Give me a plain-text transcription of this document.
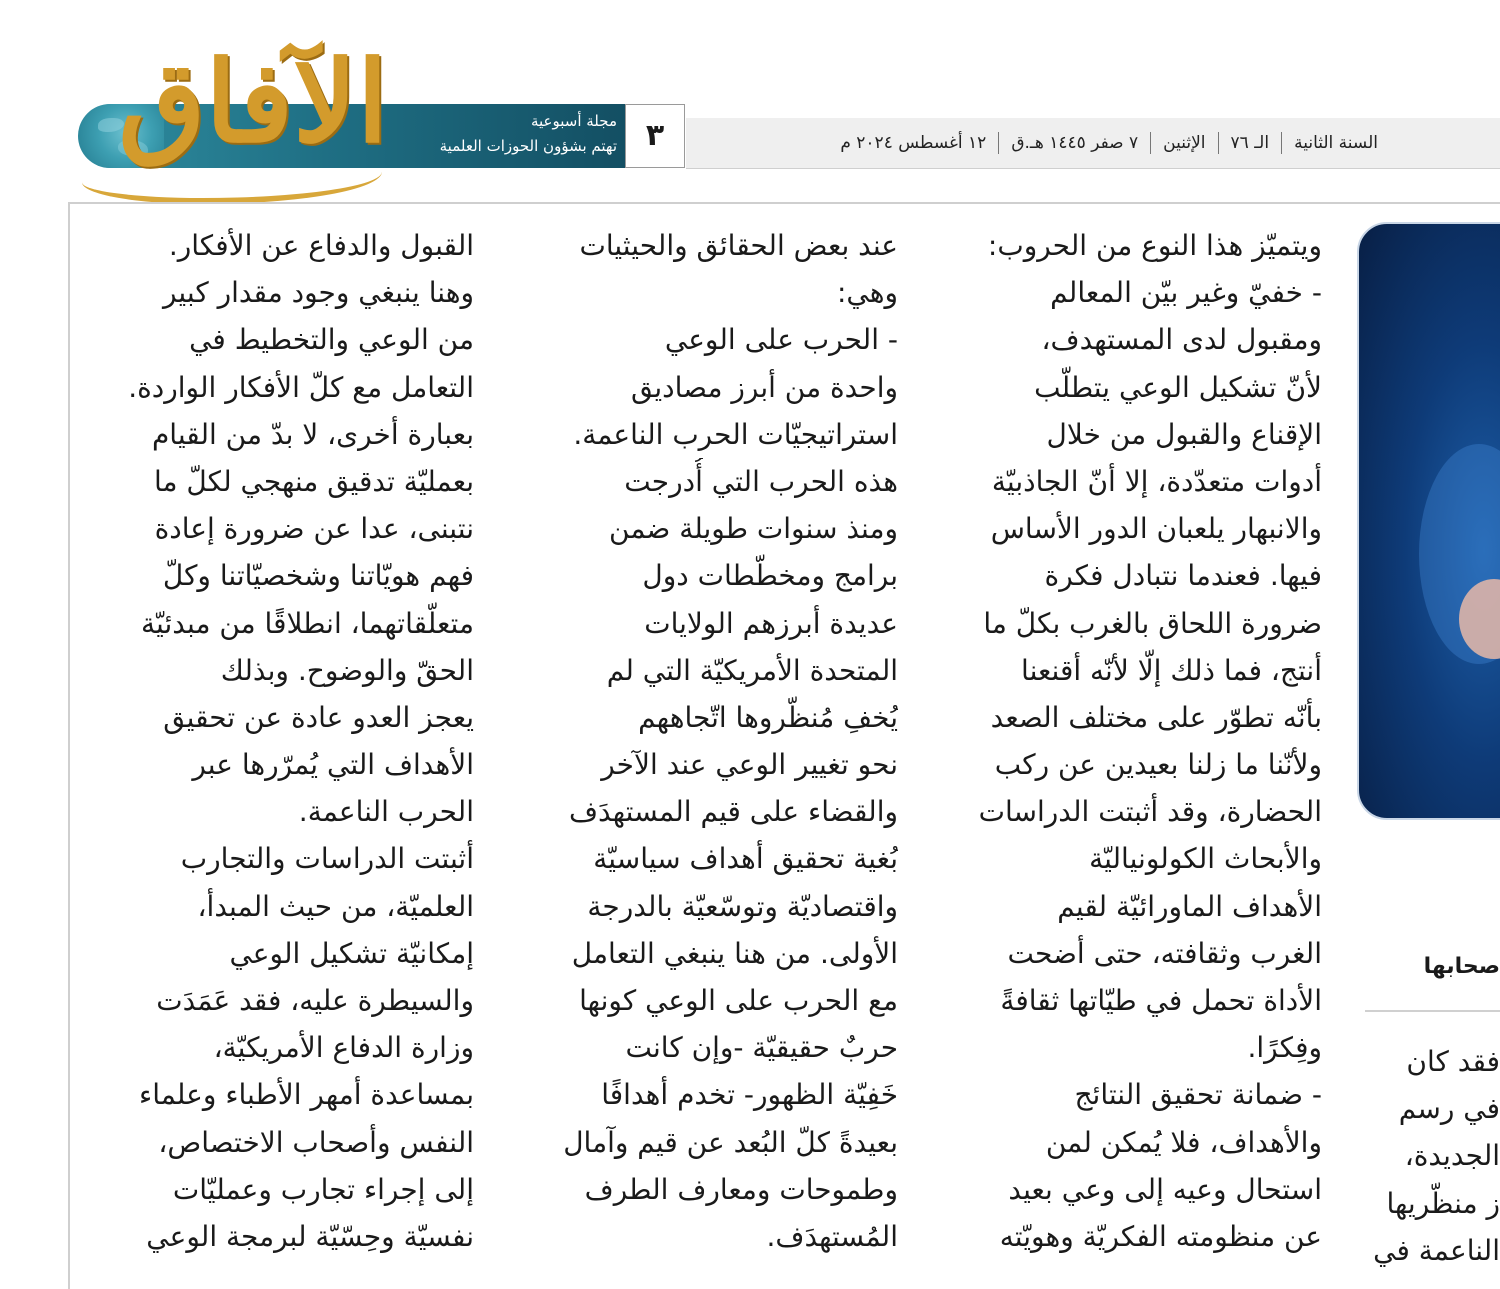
الآفاق	مجلة أسبوعية
تهتم بشؤون الحوزات العلمية ٣	السنة الثانية
الـ ٧٦
الإثنين
٧ صفر ١٤٤٥ هـ.ق
١٢ أغسطس ٢٠٢٤ م
ويتميّز هذا النوع من الحروب:
- خفيّ وغير بيّن المعالم
ومقبول لدى المستهدف،
لأنّ تشكيل الوعي يتطلّب
الإقناع والقبول من خلال
أدوات متعدّدة، إلا أنّ الجاذبيّة
والانبهار يلعبان الدور الأساس
فيها. فعندما نتبادل فكرة
ضرورة اللحاق بالغرب بكلّ ما
أنتج، فما ذلك إلّا لأنّه أقنعنا
بأنّه تطوّر على مختلف الصعد
ولأنّنا ما زلنا بعيدين عن ركب
الحضارة، وقد أثبتت الدراسات
والأبحاث الكولونياليّة
الأهداف الماورائيّة لقيم
الغرب وثقافته، حتى أضحت
الأداة تحمل في طيّاتها ثقافةً
وفِكرًا.
- ضمانة تحقيق النتائج
والأهداف، فلا يُمكن لمن
استحال وعيه إلى وعي بعيد
عن منظومته الفكريّة وهويّته
عند بعض الحقائق والحيثيات
وهي:
- الحرب على الوعي
واحدة من أبرز مصاديق
استراتيجيّات الحرب الناعمة.
هذه الحرب التي أُدرجت
ومنذ سنوات طويلة ضمن
برامج ومخطّطات دول
عديدة أبرزهم الولايات
المتحدة الأمريكيّة التي لم
يُخفِ مُنظّروها اتّجاههم
نحو تغيير الوعي عند الآخر
والقضاء على قيم المستهدَف
بُغية تحقيق أهداف سياسيّة
واقتصاديّة وتوسّعيّة بالدرجة
الأولى. من هنا ينبغي التعامل
مع الحرب على الوعي كونها
حربٌ حقيقيّة -وإن كانت
خَفِيّة الظهور- تخدم أهدافًا
بعيدةً كلّ البُعد عن قيم وآمال
وطموحات ومعارف الطرف
المُستهدَف.
القبول والدفاع عن الأفكار.
وهنا ينبغي وجود مقدار كبير
من الوعي والتخطيط في
التعامل مع كلّ الأفكار الواردة.
بعبارة أخرى، لا بدّ من القيام
بعمليّة تدقيق منهجي لكلّ ما
نتبنى، عدا عن ضرورة إعادة
فهم هويّاتنا وشخصيّاتنا وكلّ
متعلّقاتهما، انطلاقًا من مبدئيّة
الحقّ والوضوح. وبذلك
يعجز العدو عادة عن تحقيق
الأهداف التي يُمرّرها عبر
الحرب الناعمة.
أثبتت الدراسات والتجارب
العلميّة، من حيث المبدأ،
إمكانيّة تشكيل الوعي
والسيطرة عليه، فقد عَمَدَت
وزارة الدفاع الأمريكيّة،
بمساعدة أمهر الأطباء وعلماء
النفس وأصحاب الاختصاص،
إلى إجراء تجارب وعمليّات
نفسيّة وحِسّيّة لبرمجة الوعي
فقد كان
في رسم
الجديدة،
ز منظّريها
الناعمة في
صحابها
